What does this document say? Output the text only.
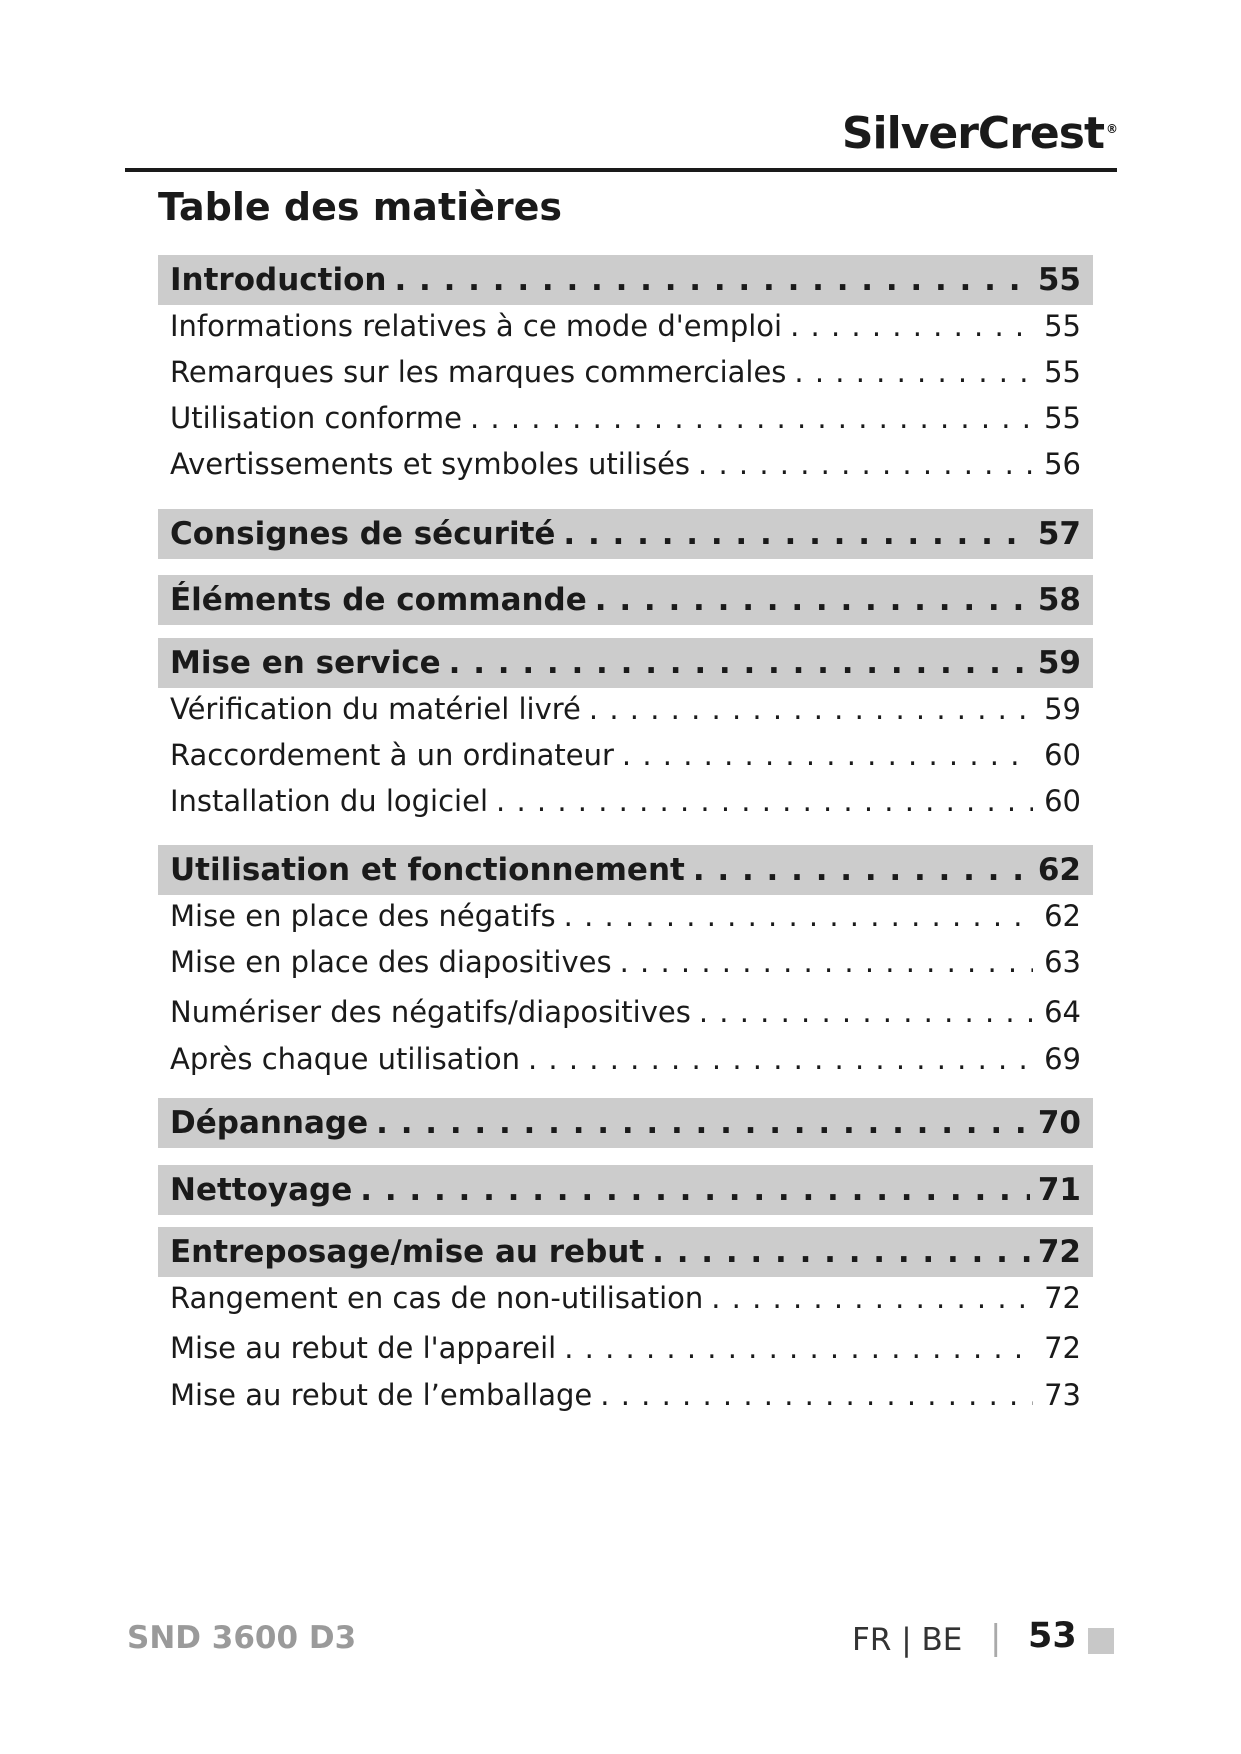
SilverCrest ®
Table des matières
Introduction . . .	55
Informations relatives à ce mode d'emploi . . .	55
Remarques sur les marques commerciales . . .	55
Utilisation conforme . . .	55
Avertissements et symboles utilisés . . .	56
Consignes de sécurité . . .	57
Éléments de commande . . .	58
Mise en service . . .	59
Vérification du matériel livré . . .	59
Raccordement à un ordinateur . . .	60
Installation du logiciel . . .	60
Utilisation et fonctionnement . . .	62
Mise en place des négatifs . . .	62
Mise en place des diapositives . . .	63
Numériser des négatifs/diapositives . . .	64
Après chaque utilisation . . .	69
Dépannage . . .	70
Nettoyage . . .	71
Entreposage/mise au rebut . . .	72
Rangement en cas de non-utilisation . . .	72
Mise au rebut de l'appareil . . .	72
Mise au rebut de l’emballage . . .	73
SND 3600 D3	FR | BE | 53
